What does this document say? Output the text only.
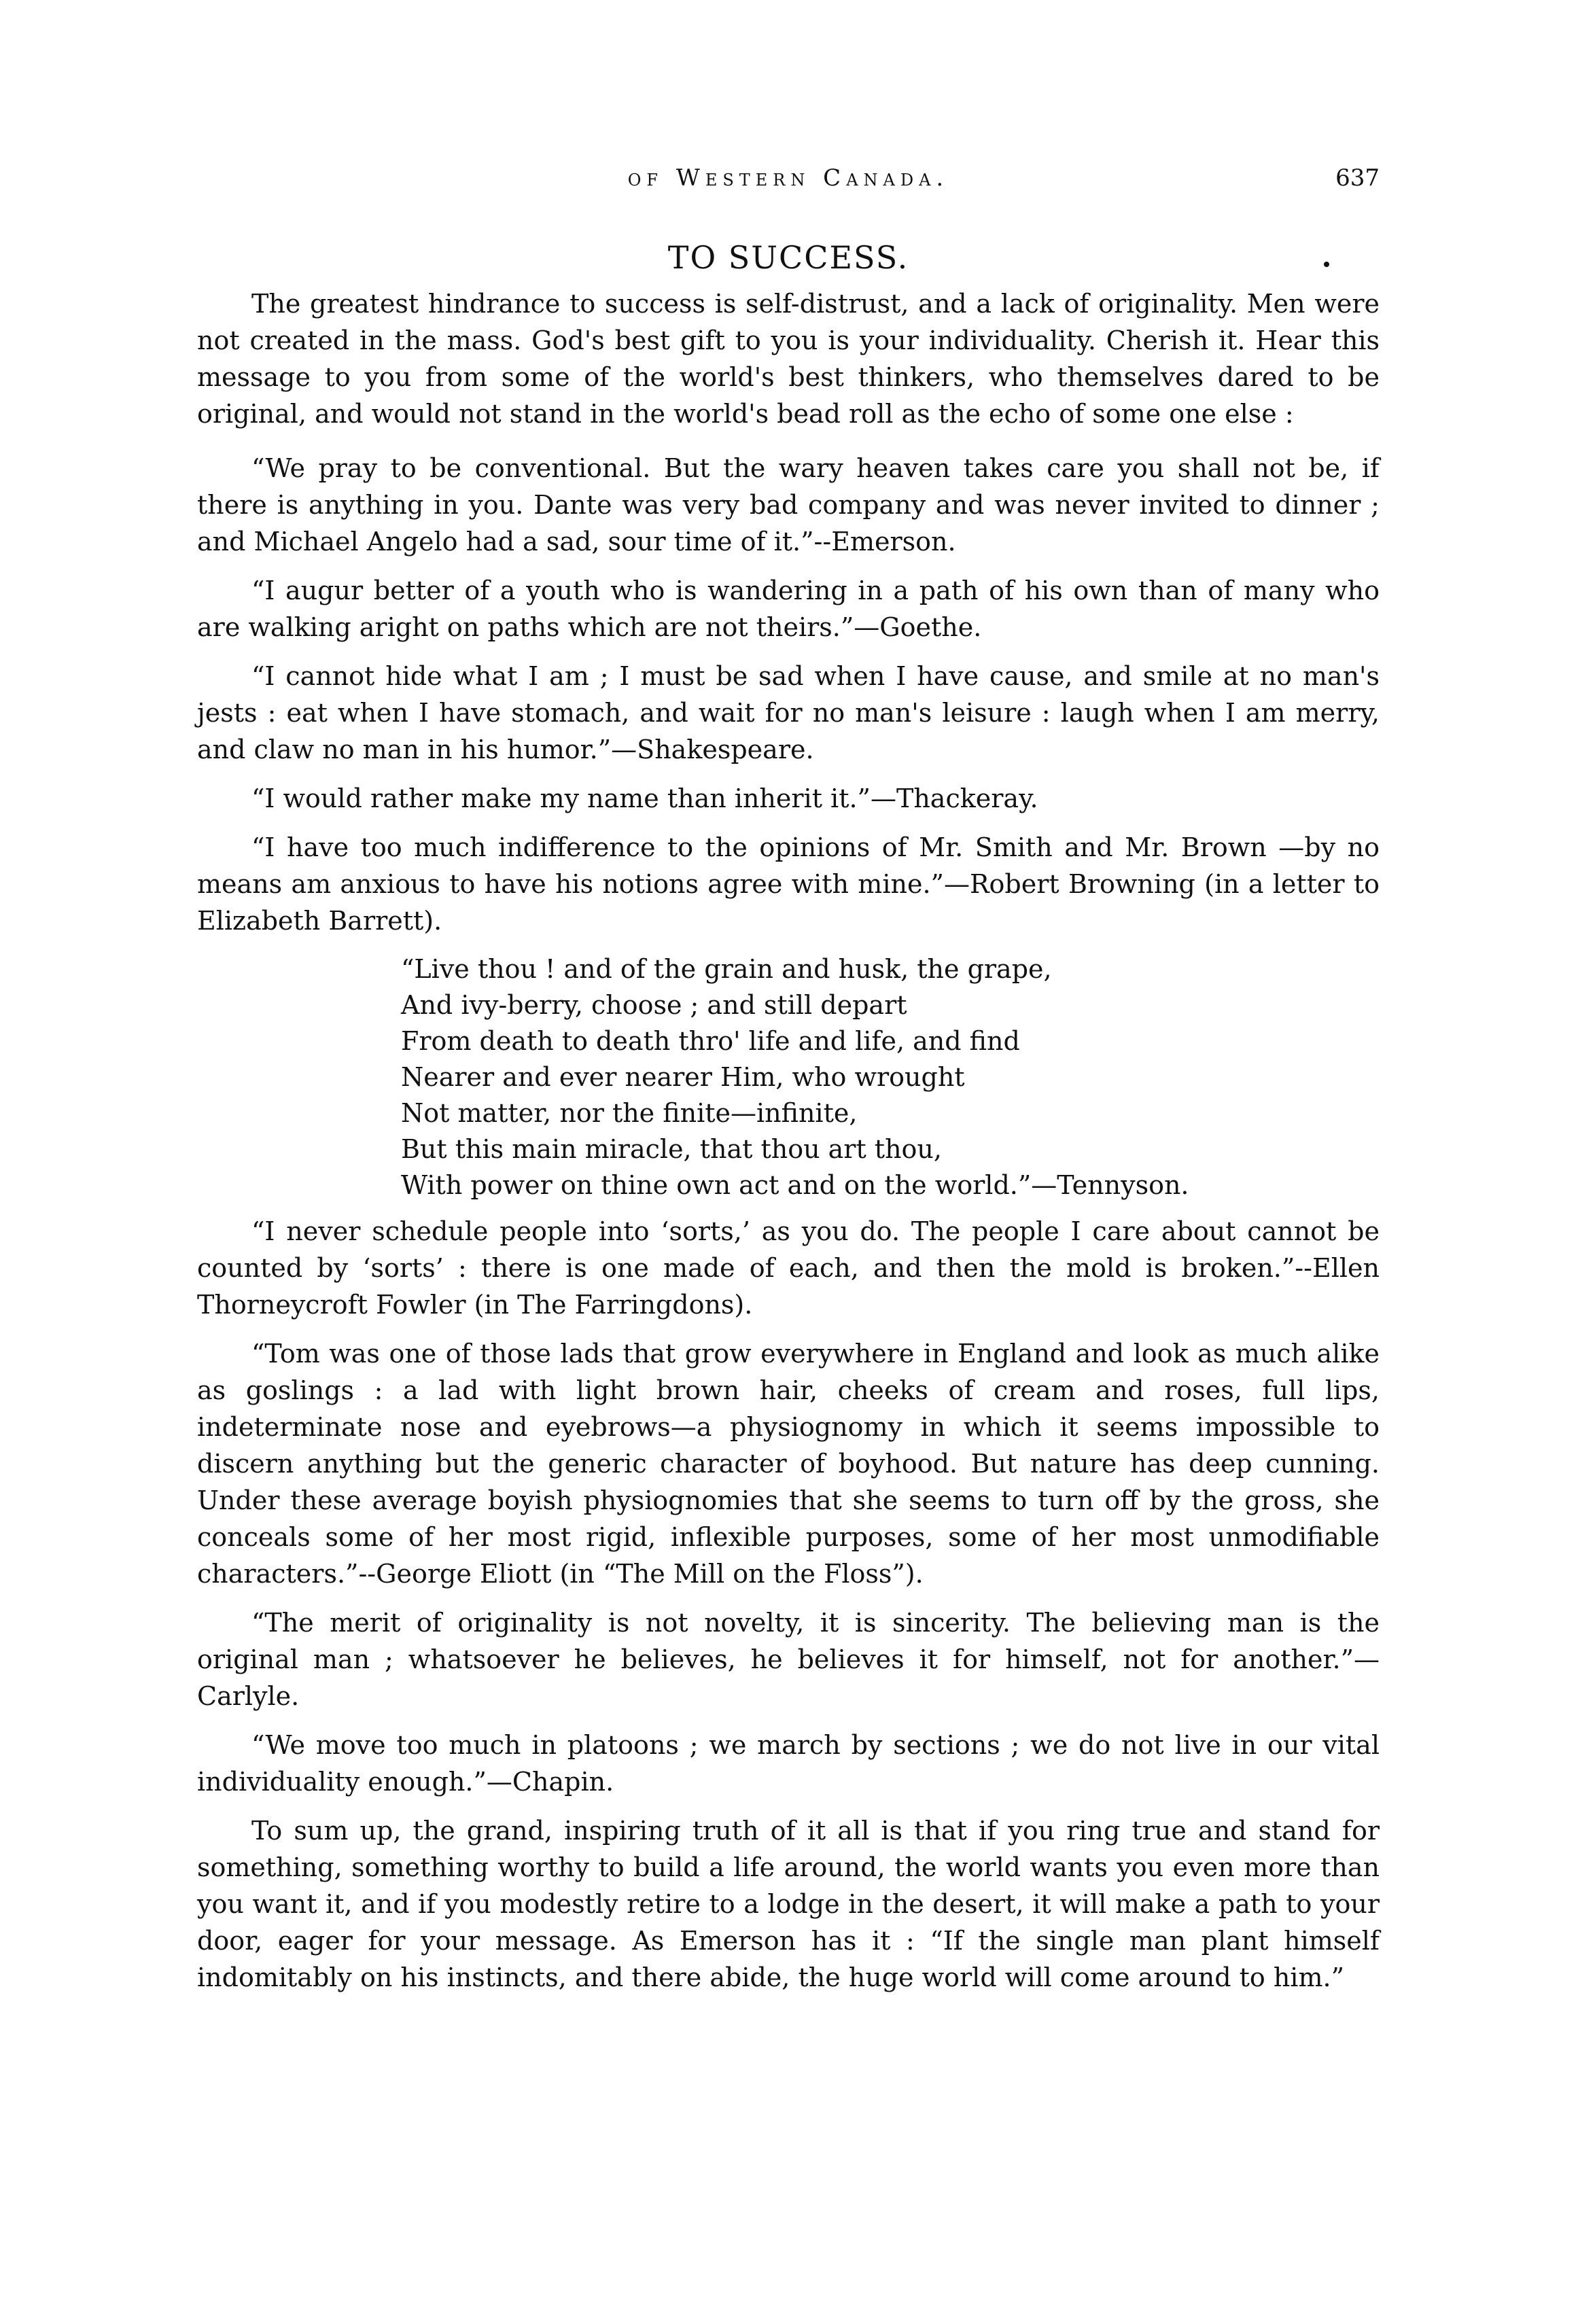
of Western Canada.	637
TO SUCCESS.

The greatest hindrance to success is self-distrust, and a lack of originality. Men were not created in the mass. God's best gift to you is your individuality. Cherish it. Hear this message to you from some of the world's best thinkers, who themselves dared to be original, and would not stand in the world's bead roll as the echo of some one else :

“We pray to be conventional. But the wary heaven takes care you shall not be, if there is anything in you. Dante was very bad company and was never invited to dinner ; and Michael Angelo had a sad, sour time of it.”--Emerson.

“I augur better of a youth who is wandering in a path of his own than of many who are walking aright on paths which are not theirs.”—Goethe.

“I cannot hide what I am ; I must be sad when I have cause, and smile at no man's jests : eat when I have stomach, and wait for no man's leisure : laugh when I am merry, and claw no man in his humor.”—Shakespeare.

“I would rather make my name than inherit it.”—Thackeray.

“I have too much indifference to the opinions of Mr. Smith and Mr. Brown —by no means am anxious to have his notions agree with mine.”—Robert Browning (in a letter to Elizabeth Barrett).

“Live thou ! and of the grain and husk, the grape,
And ivy-berry, choose ; and still depart
From death to death thro' life and life, and find
Nearer and ever nearer Him, who wrought
Not matter, nor the finite—infinite,
But this main miracle, that thou art thou,
With power on thine own act and on the world.”—Tennyson.

“I never schedule people into ‘sorts,’ as you do. The people I care about cannot be counted by ‘sorts’ : there is one made of each, and then the mold is broken.”--Ellen Thorneycroft Fowler (in The Farringdons).

“Tom was one of those lads that grow everywhere in England and look as much alike as goslings : a lad with light brown hair, cheeks of cream and roses, full lips, indeterminate nose and eyebrows—a physiognomy in which it seems impossible to discern anything but the generic character of boyhood. But nature has deep cunning. Under these average boyish physiognomies that she seems to turn off by the gross, she conceals some of her most rigid, inflexible purposes, some of her most unmodifiable characters.”--George Eliott (in “The Mill on the Floss”).

“The merit of originality is not novelty, it is sincerity. The believing man is the original man ; whatsoever he believes, he believes it for himself, not for another.”—Carlyle.

“We move too much in platoons ; we march by sections ; we do not live in our vital individuality enough.”—Chapin.

To sum up, the grand, inspiring truth of it all is that if you ring true and stand for something, something worthy to build a life around, the world wants you even more than you want it, and if you modestly retire to a lodge in the desert, it will make a path to your door, eager for your message. As Emerson has it : “If the single man plant himself indomitably on his instincts, and there abide, the huge world will come around to him.”
